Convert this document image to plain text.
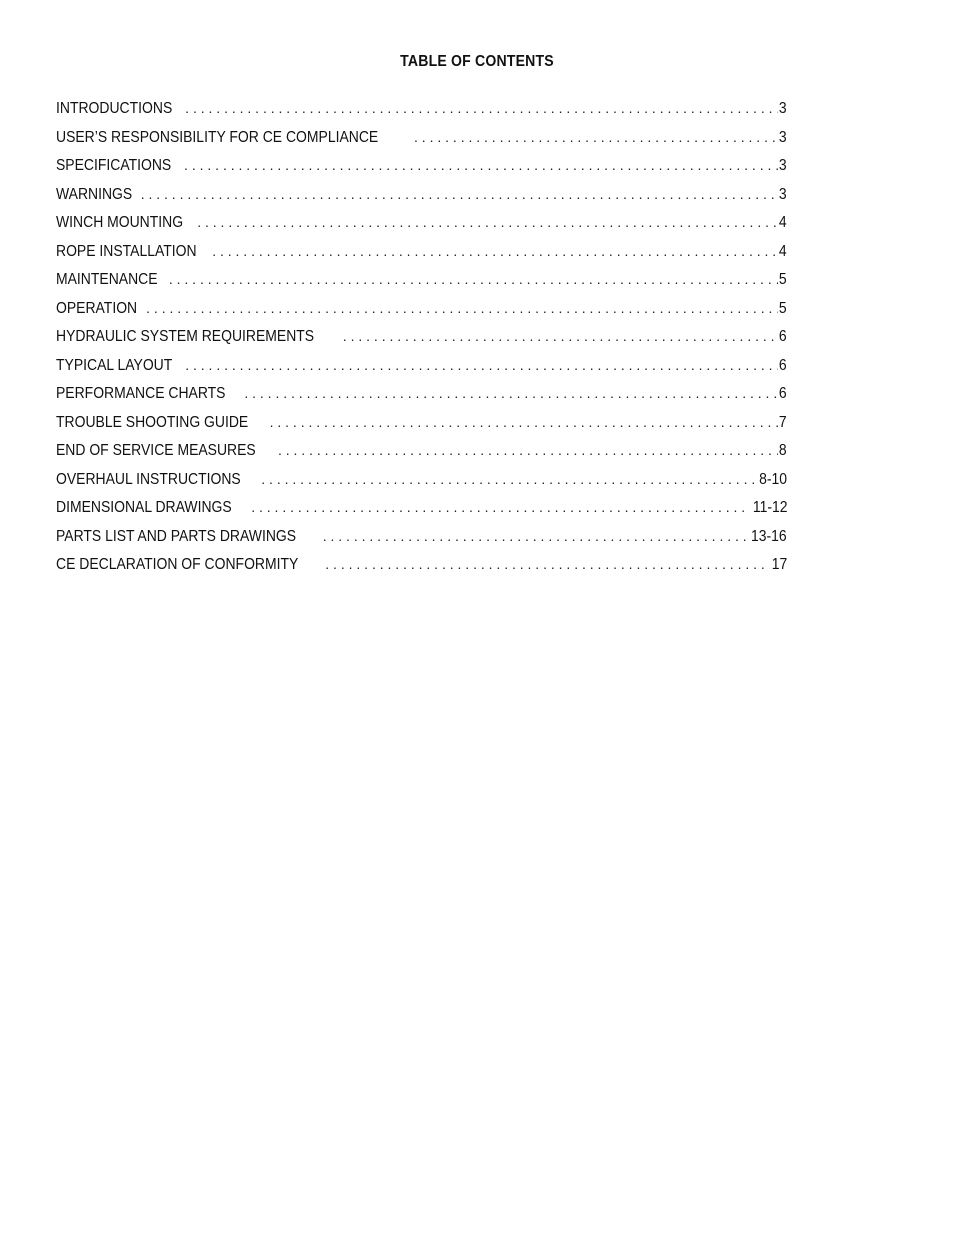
TABLE OF CONTENTS
INTRODUCTIONS . . .	3
USER’S RESPONSIBILITY FOR CE COMPLIANCE . . .	3
SPECIFICATIONS . . .	3
WARNINGS . . .	3
WINCH MOUNTING . . .	4
ROPE INSTALLATION . . .	4
MAINTENANCE . . .	5
OPERATION . . .	5
HYDRAULIC SYSTEM REQUIREMENTS . . .	6
TYPICAL LAYOUT . . .	6
PERFORMANCE CHARTS . . .	6
TROUBLE SHOOTING GUIDE . . .	7
END OF SERVICE MEASURES . . .	8
OVERHAUL INSTRUCTIONS . . .	8-10
DIMENSIONAL DRAWINGS . . .	11-12
PARTS LIST AND PARTS DRAWINGS . . .	13-16
CE DECLARATION OF CONFORMITY . . .	17
